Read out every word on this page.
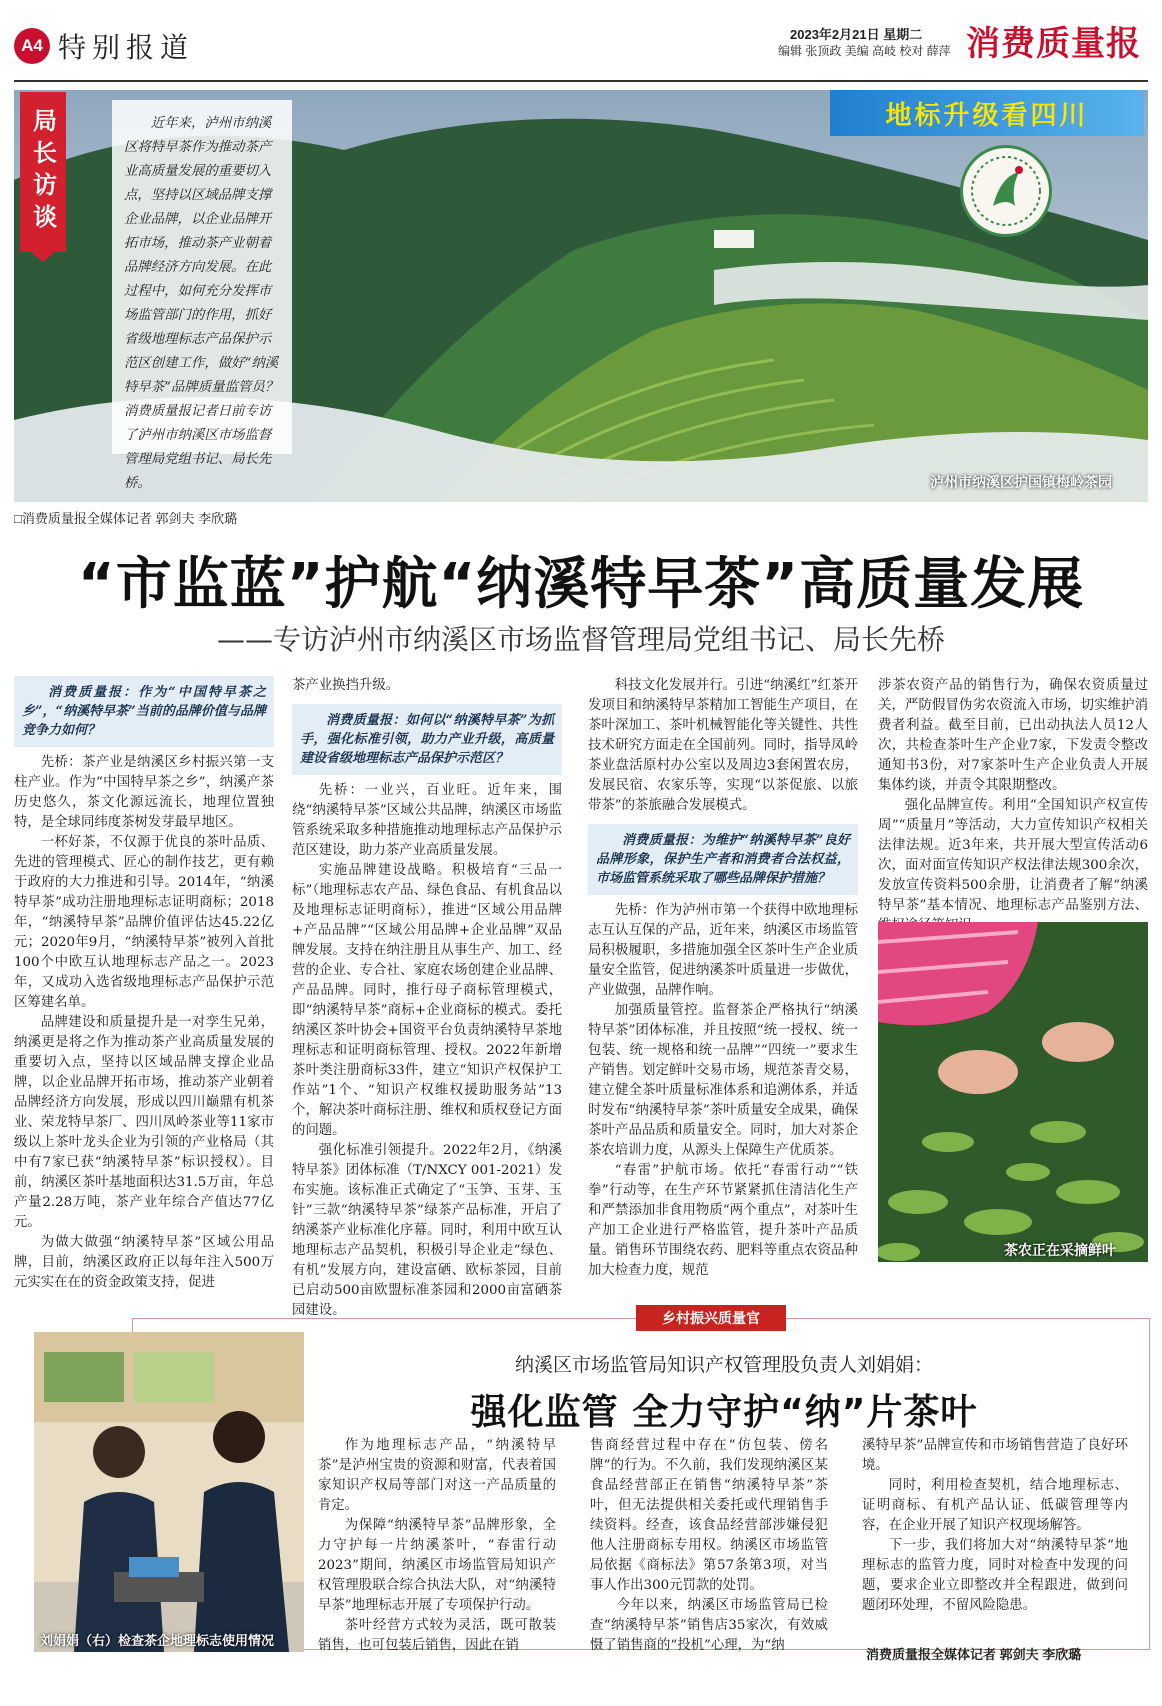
A4 特别报道	2023年2月21日 星期二
编辑 张顶政 美编 高岐 校对 薛萍 消费质量报
局长访谈	近年来，泸州市纳溪区将特早茶作为推动茶产业高质量发展的重要切入点，坚持以区域品牌支撑企业品牌，以企业品牌开拓市场，推动茶产业朝着品牌经济方向发展。在此过程中，如何充分发挥市场监管部门的作用，抓好省级地理标志产品保护示范区创建工作，做好“纳溪特早茶”品牌质量监管员？消费质量报记者日前专访了泸州市纳溪区市场监督管理局党组书记、局长先桥。
地标升级看四川
泸州市纳溪区护国镇梅岭茶园
□消费质量报全媒体记者 郭剑夫 李欣璐
“市监蓝”护航“纳溪特早茶”高质量发展
——专访泸州市纳溪区市场监督管理局党组书记、局长先桥
消费质量报：作为“中国特早茶之乡”，“纳溪特早茶”当前的品牌价值与品牌竞争力如何？

先桥：茶产业是纳溪区乡村振兴第一支柱产业。作为“中国特早茶之乡”，纳溪产茶历史悠久，茶文化源远流长，地理位置独特，是全球同纬度茶树发芽最早地区。

一杯好茶，不仅源于优良的茶叶品质、先进的管理模式、匠心的制作技艺，更有赖于政府的大力推进和引导。2014年，“纳溪特早茶”成功注册地理标志证明商标；2018年，“纳溪特早茶”品牌价值评估达45.22亿元；2020年9月，“纳溪特早茶”被列入首批100个中欧互认地理标志产品之一。2023年，又成功入选省级地理标志产品保护示范区筹建名单。

品牌建设和质量提升是一对孪生兄弟，纳溪更是将之作为推动茶产业高质量发展的重要切入点，坚持以区域品牌支撑企业品牌，以企业品牌开拓市场，推动茶产业朝着品牌经济方向发展，形成以四川巅鼎有机茶业、荣龙特早茶厂、四川凤岭茶业等11家市级以上茶叶龙头企业为引领的产业格局（其中有7家已获“纳溪特早茶”标识授权）。目前，纳溪区茶叶基地面积达31.5万亩，年总产量2.28万吨，茶产业年综合产值达77亿元。

为做大做强“纳溪特早茶”区域公用品牌，目前，纳溪区政府正以每年注入500万元实实在在的资金政策支持，促进

茶产业换挡升级。

消费质量报：如何以“纳溪特早茶”为抓手，强化标准引领，助力产业升级，高质量建设省级地理标志产品保护示范区？

先桥：一业兴，百业旺。近年来，围绕“纳溪特早茶”区域公共品牌，纳溪区市场监管系统采取多种措施推动地理标志产品保护示范区建设，助力茶产业高质量发展。

实施品牌建设战略。积极培育“三品一标”（地理标志农产品、绿色食品、有机食品以及地理标志证明商标），推进“区域公用品牌+产品品牌”“区域公用品牌+企业品牌”双品牌发展。支持在纳注册且从事生产、加工、经营的企业、专合社、家庭农场创建企业品牌、产品品牌。同时，推行母子商标管理模式，即“纳溪特早茶”商标+企业商标的模式。委托纳溪区茶叶协会+国资平台负责纳溪特早茶地理标志和证明商标管理、授权。2022年新增茶叶类注册商标33件，建立“知识产权保护工作站”1个、“知识产权维权援助服务站”13个，解决茶叶商标注册、维权和质权登记方面的问题。

强化标准引领提升。2022年2月，《纳溪特早茶》团体标准（T/NXCY 001-2021）发布实施。该标准正式确定了“玉笋、玉芽、玉针”三款“纳溪特早茶”绿茶产品标准，开启了纳溪茶产业标准化序幕。同时，利用中欧互认地理标志产品契机，积极引导企业走“绿色、有机”发展方向，建设富硒、欧标茶园，目前已启动500亩欧盟标准茶园和2000亩富硒茶园建设。

科技文化发展并行。引进“纳溪红”红茶开发项目和纳溪特早茶精加工智能生产项目，在茶叶深加工、茶叶机械智能化等关键性、共性技术研究方面走在全国前列。同时，指导凤岭茶业盘活原村办公室以及周边3套闲置农房，发展民宿、农家乐等，实现“以茶促旅、以旅带茶”的茶旅融合发展模式。

消费质量报：为维护“纳溪特早茶”良好品牌形象，保护生产者和消费者合法权益，市场监管系统采取了哪些品牌保护措施？

先桥：作为泸州市第一个获得中欧地理标志互认互保的产品，近年来，纳溪区市场监管局积极履职，多措施加强全区茶叶生产企业质量安全监管，促进纳溪茶叶质量进一步做优，产业做强，品牌作响。

加强质量管控。监督茶企严格执行“纳溪特早茶”团体标准，并且按照“统一授权、统一包装、统一规格和统一品牌”“四统一”要求生产销售。划定鲜叶交易市场，规范茶青交易，建立健全茶叶质量标准体系和追溯体系，并适时发布“纳溪特早茶”茶叶质量安全成果，确保茶叶产品品质和质量安全。同时，加大对茶企茶农培训力度，从源头上保障生产优质茶。

“春雷”护航市场。依托“春雷行动”“铁拳”行动等，在生产环节紧紧抓住清洁化生产和严禁添加非食用物质“两个重点”，对茶叶生产加工企业进行严格监管，提升茶叶产品质量。销售环节围绕农药、肥料等重点农资品种加大检查力度，规范

涉茶农资产品的销售行为，确保农资质量过关，严防假冒伪劣农资流入市场，切实维护消费者利益。截至目前，已出动执法人员12人次，共检查茶叶生产企业7家，下发责令整改通知书3份，对7家茶叶生产企业负责人开展集体约谈，并责令其限期整改。

强化品牌宣传。利用“全国知识产权宣传周”“质量月”等活动，大力宣传知识产权相关法律法规。近3年来，共开展大型宣传活动6次，面对面宣传知识产权法律法规300余次，发放宣传资料500余册，让消费者了解“纳溪特早茶”基本情况、地理标志产品鉴别方法、

茶农正在采摘鲜叶
乡村振兴质量官
纳溪区市场监管局知识产权管理股负责人刘娟娟：
强化监管 全力守护“纳”片茶叶
刘娟娟（右）检查茶企地理标志使用情况

作为地理标志产品，“纳溪特早茶”是泸州宝贵的资源和财富，代表着国家知识产权局等部门对这一产品质量的肯定。

为保障“纳溪特早茶”品牌形象，全力守护每一片纳溪茶叶，“春雷行动2023”期间，纳溪区市场监管局知识产权管理股联合综合执法大队，对“纳溪特早茶”地理标志开展了专项保护行动。

茶叶经营方式较为灵活，既可散装销售，也可包装后销售，因此在销

售商经营过程中存在“仿包装、傍名牌”的行为。不久前，我们发现纳溪区某食品经营部正在销售“纳溪特早茶”茶叶，但无法提供相关委托或代理销售手续资料。经查，该食品经营部涉嫌侵犯他人注册商标专用权。纳溪区市场监管局依据《商标法》第57条第3项，对当事人作出300元罚款的处罚。

今年以来，纳溪区市场监管局已检查“纳溪特早茶”销售店35家次，有效威慑了销售商的“投机”心理，为“纳

溪特早茶”品牌宣传和市场销售营造了良好环境。

同时，利用检查契机，结合地理标志、证明商标、有机产品认证、低碳管理等内容，在企业开展了知识产权现场解答。

下一步，我们将加大对“纳溪特早茶”地理标志的监管力度，同时对检查中发现的问题，要求企业立即整改并全程跟进，做到问题闭环处理，不留风险隐患。

消费质量报全媒体记者 郭剑夫 李欣璐
